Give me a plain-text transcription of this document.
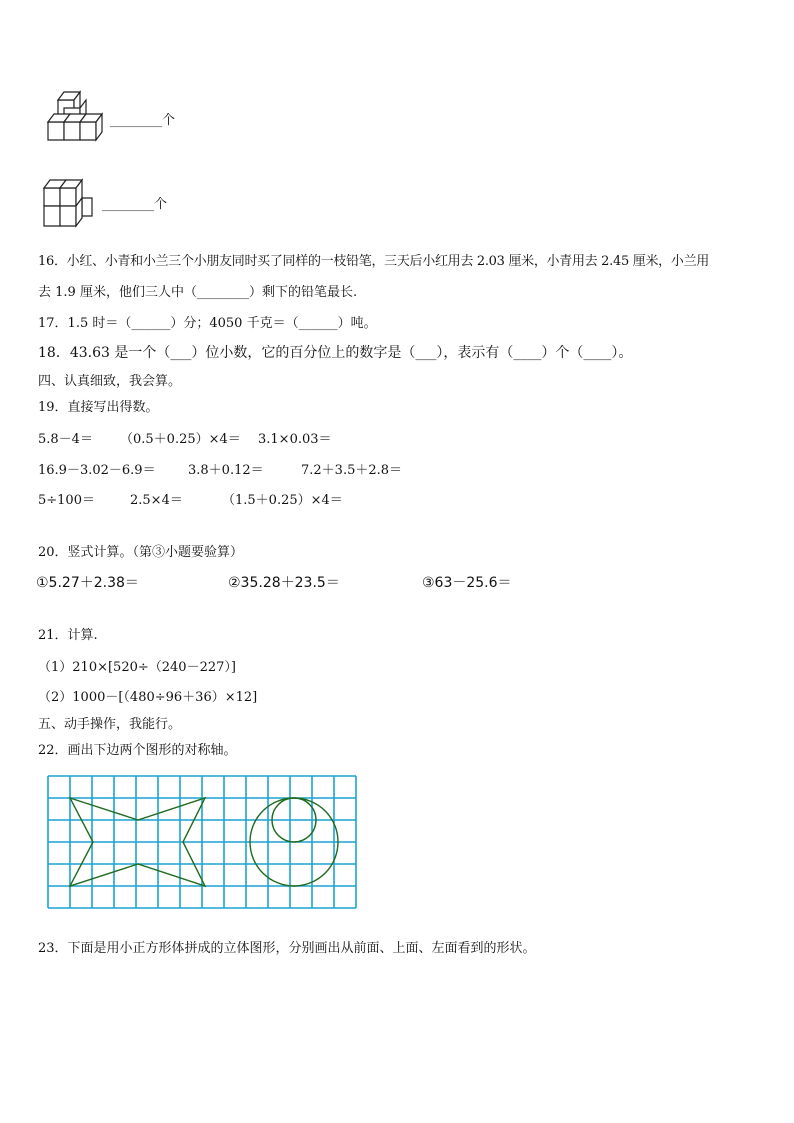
________个
________个
16．小红、小青和小兰三个小朋友同时买了同样的一枝铅笔，三天后小红用去 2.03 厘米，小青用去 2.45 厘米，小兰用
去 1.9 厘米，他们三人中（________）剩下的铅笔最长.
17．1.5 时＝（______）分；4050 千克＝（______）吨。
18．43.63 是一个（___）位小数，它的百分位上的数字是（___），表示有（____）个（____）。
四、认真细致，我会算。
19．直接写出得数。
5.8－4＝ （0.5＋0.25）×4＝ 3.1×0.03＝
16.9－3.02－6.9＝ 3.8＋0.12＝	7.2＋3.5＋2.8＝
5÷100＝	2.5×4＝	（1.5＋0.25）×4＝
20．竖式计算。（第③小题要验算）
①5.27＋2.38＝	②35.28＋23.5＝	③63－25.6＝
21．计算.
（1）210×[520÷（240－227）]
（2）1000－[（480÷96＋36）×12]
五、动手操作，我能行。
22．画出下边两个图形的对称轴。
23．下面是用小正方形体拼成的立体图形，分别画出从前面、上面、左面看到的形状。
